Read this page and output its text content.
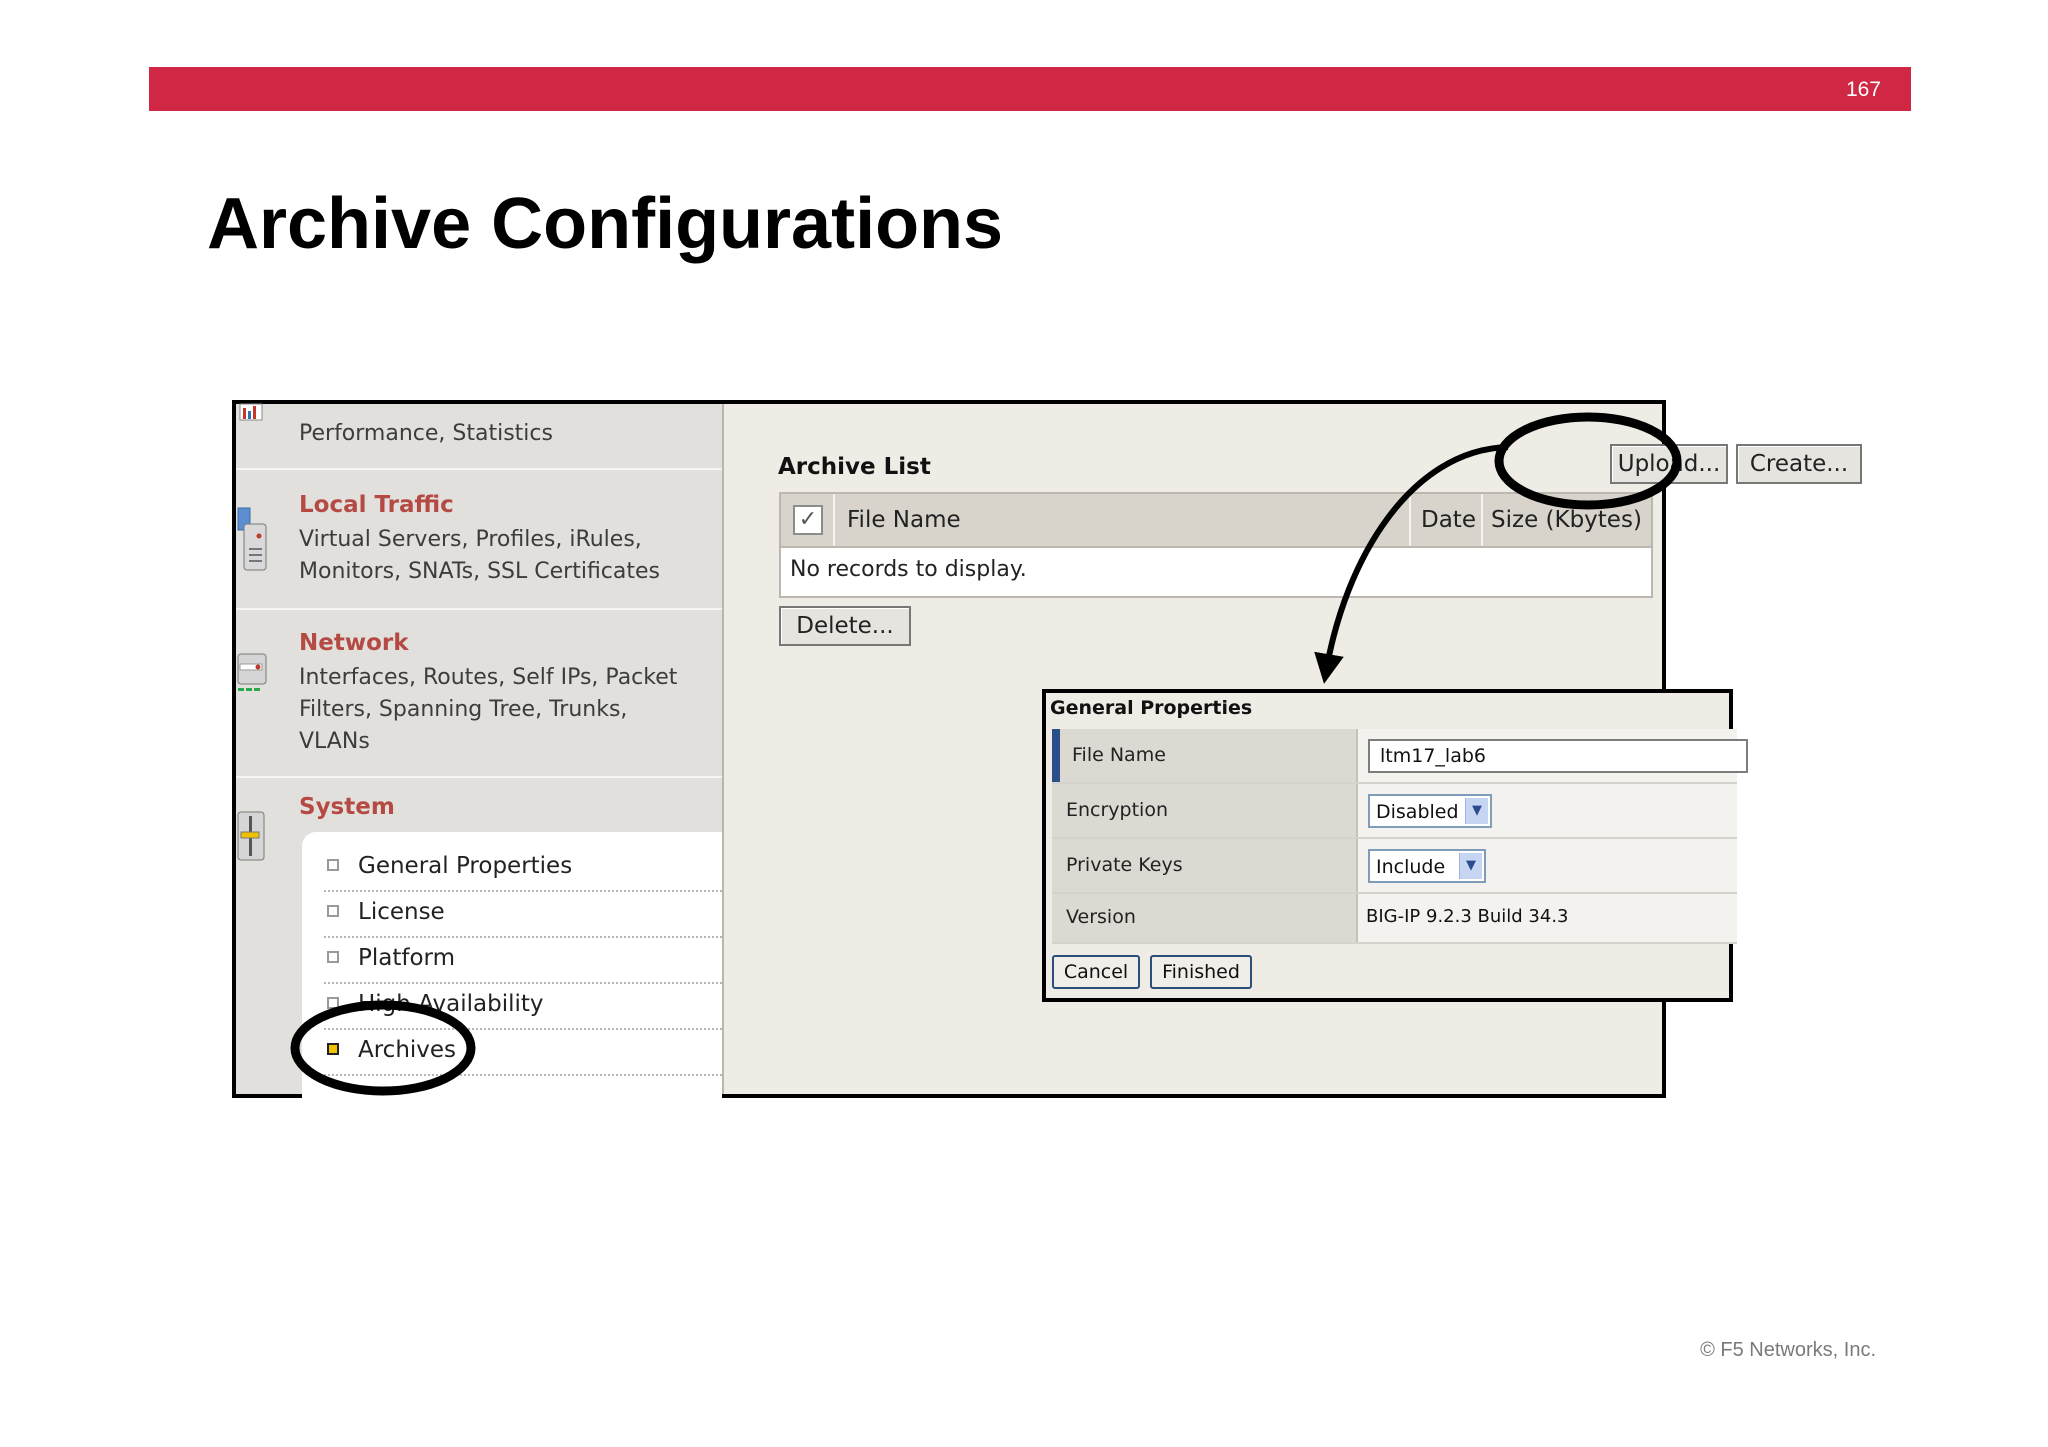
167
Archive Configurations
Performance, Statistics
Local Traffic
Virtual Servers, Profiles, iRules,
Monitors, SNATs, SSL Certificates
Network
Interfaces, Routes, Self IPs, Packet
Filters, Spanning Tree, Trunks,
VLANs
System
General Properties
License
Platform
High Availability
Archives
Archive List	Upload...	Create...
✓ File Name	Date Size (Kbytes)
No records to display.
Delete...
General Properties
File Name	ltm17_lab6
Encryption	Disabled	▼
Private Keys	Include	▼
Version	BIG-IP 9.2.3 Build 34.3
Cancel	Finished
© F5 Networks, Inc.
